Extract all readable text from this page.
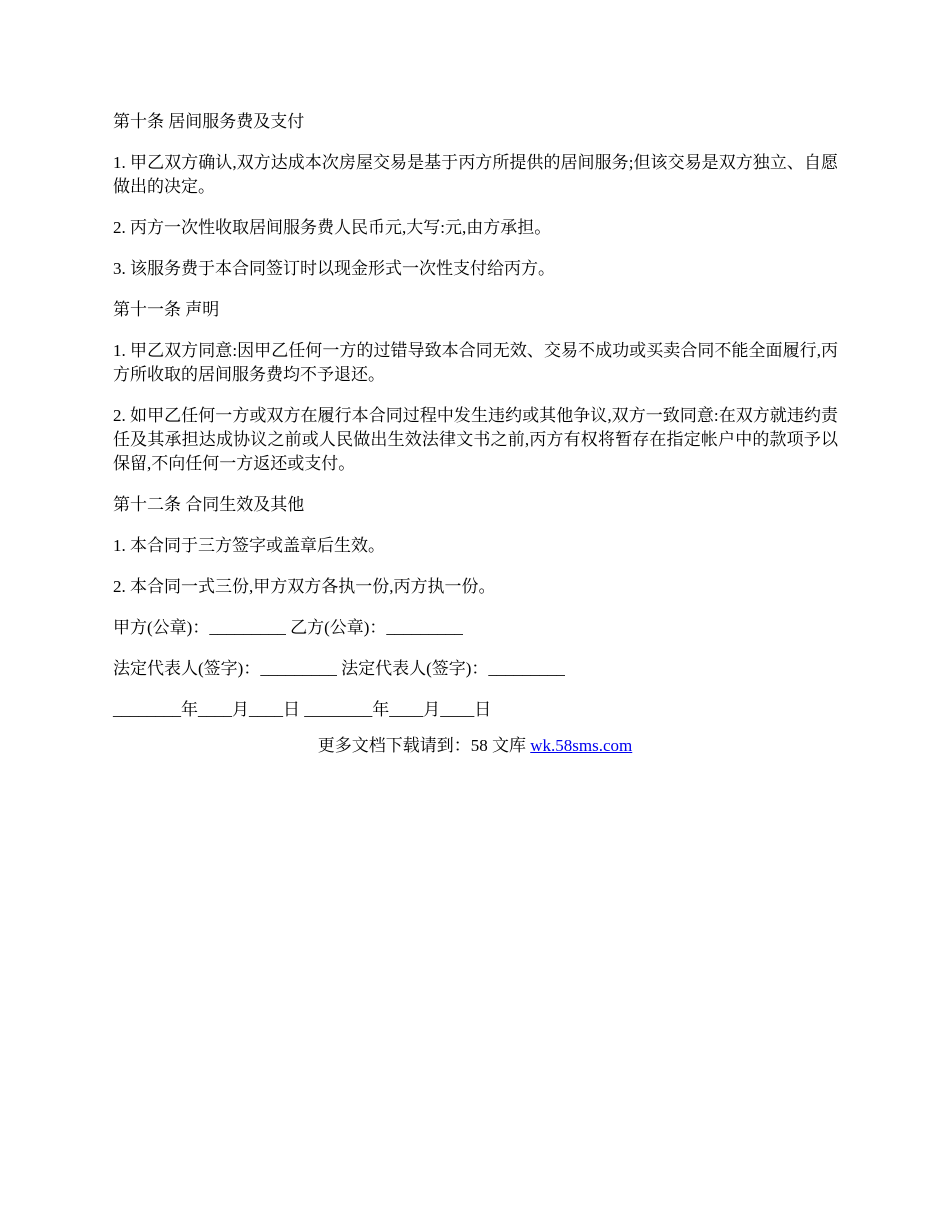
第十条 居间服务费及支付

1. 甲乙双方确认,双方达成本次房屋交易是基于丙方所提供的居间服务;但该交易是双方独立、自愿做出的决定。

2. 丙方一次性收取居间服务费人民币元,大写:元,由方承担。

3. 该服务费于本合同签订时以现金形式一次性支付给丙方。

第十一条 声明

1. 甲乙双方同意:因甲乙任何一方的过错导致本合同无效、交易不成功或买卖合同不能全面履行,丙方所收取的居间服务费均不予退还。

2. 如甲乙任何一方或双方在履行本合同过程中发生违约或其他争议,双方一致同意:在双方就违约责任及其承担达成协议之前或人民做出生效法律文书之前,丙方有权将暂存在指定帐户中的款项予以保留,不向任何一方返还或支付。

第十二条 合同生效及其他

1. 本合同于三方签字或盖章后生效。

2. 本合同一式三份,甲方双方各执一份,丙方执一份。

甲方(公章)：_________ 乙方(公章)：_________

法定代表人(签字)：_________ 法定代表人(签字)：_________

________年____月____日 ________年____月____日

更多文档下载请到：58 文库 wk.58sms.com
